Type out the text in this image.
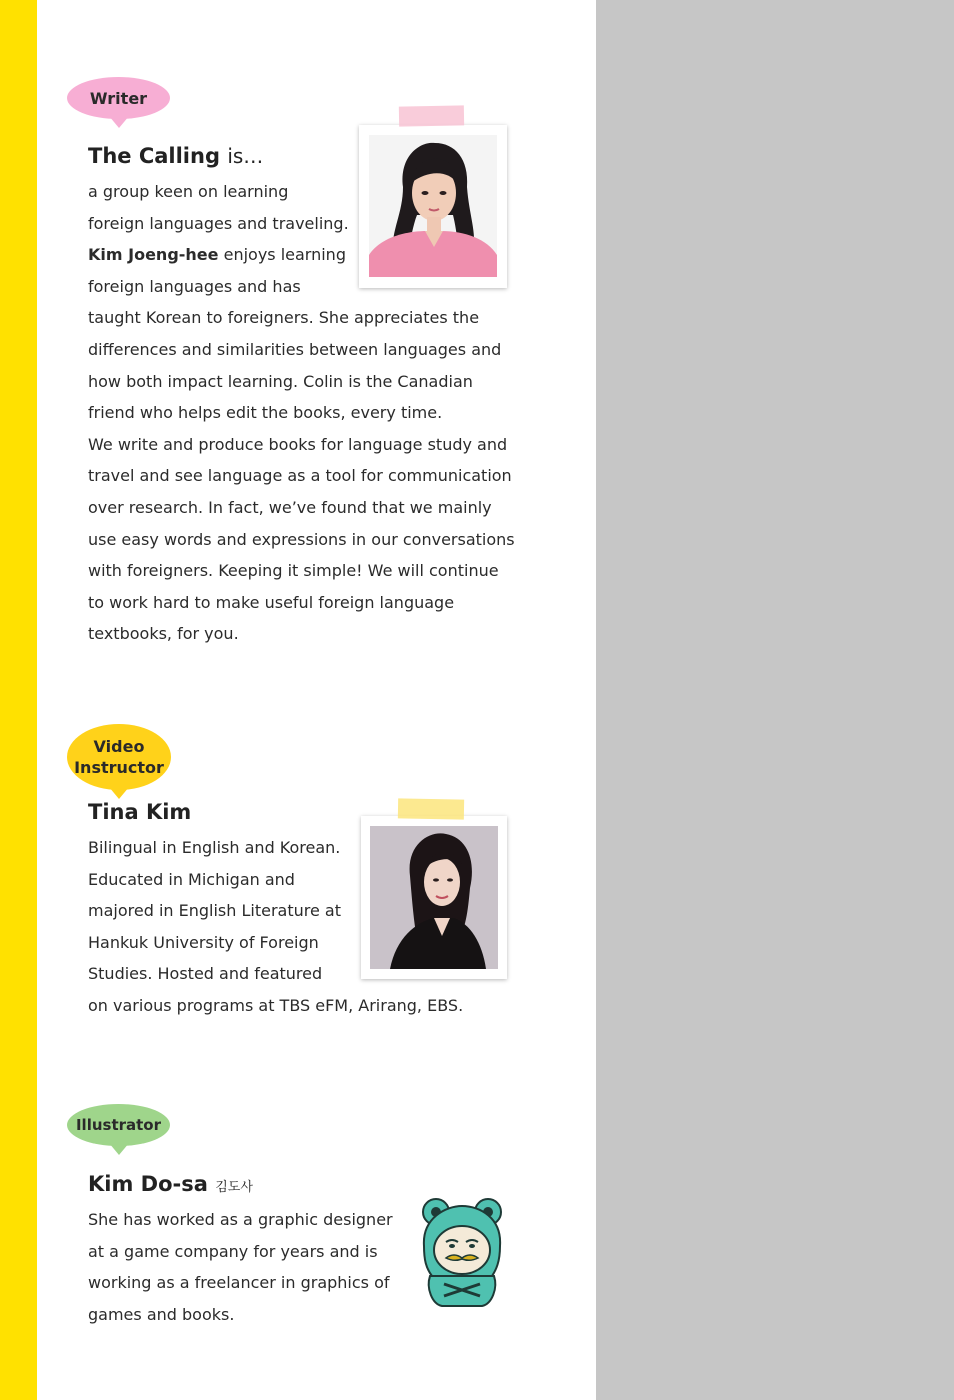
Writer
The Calling is…
a group keen on learning
foreign languages and traveling.
Kim Joeng-hee enjoys learning
foreign languages and has
taught Korean to foreigners. She appreciates the
differences and similarities between languages and
how both impact learning. Colin is the Canadian
friend who helps edit the books, every time.
We write and produce books for language study and
travel and see language as a tool for communication
over research. In fact, we’ve found that we mainly
use easy words and expressions in our conversations
with foreigners. Keeping it simple! We will continue
to work hard to make useful foreign language
textbooks, for you.
Video
Instructor
Tina Kim
Bilingual in English and Korean.
Educated in Michigan and
majored in English Literature at
Hankuk University of Foreign
Studies. Hosted and featured
on various programs at TBS eFM, Arirang, EBS.
Illustrator
Kim Do-sa 김도사
She has worked as a graphic designer
at a game company for years and is
working as a freelancer in graphics of
games and books.
